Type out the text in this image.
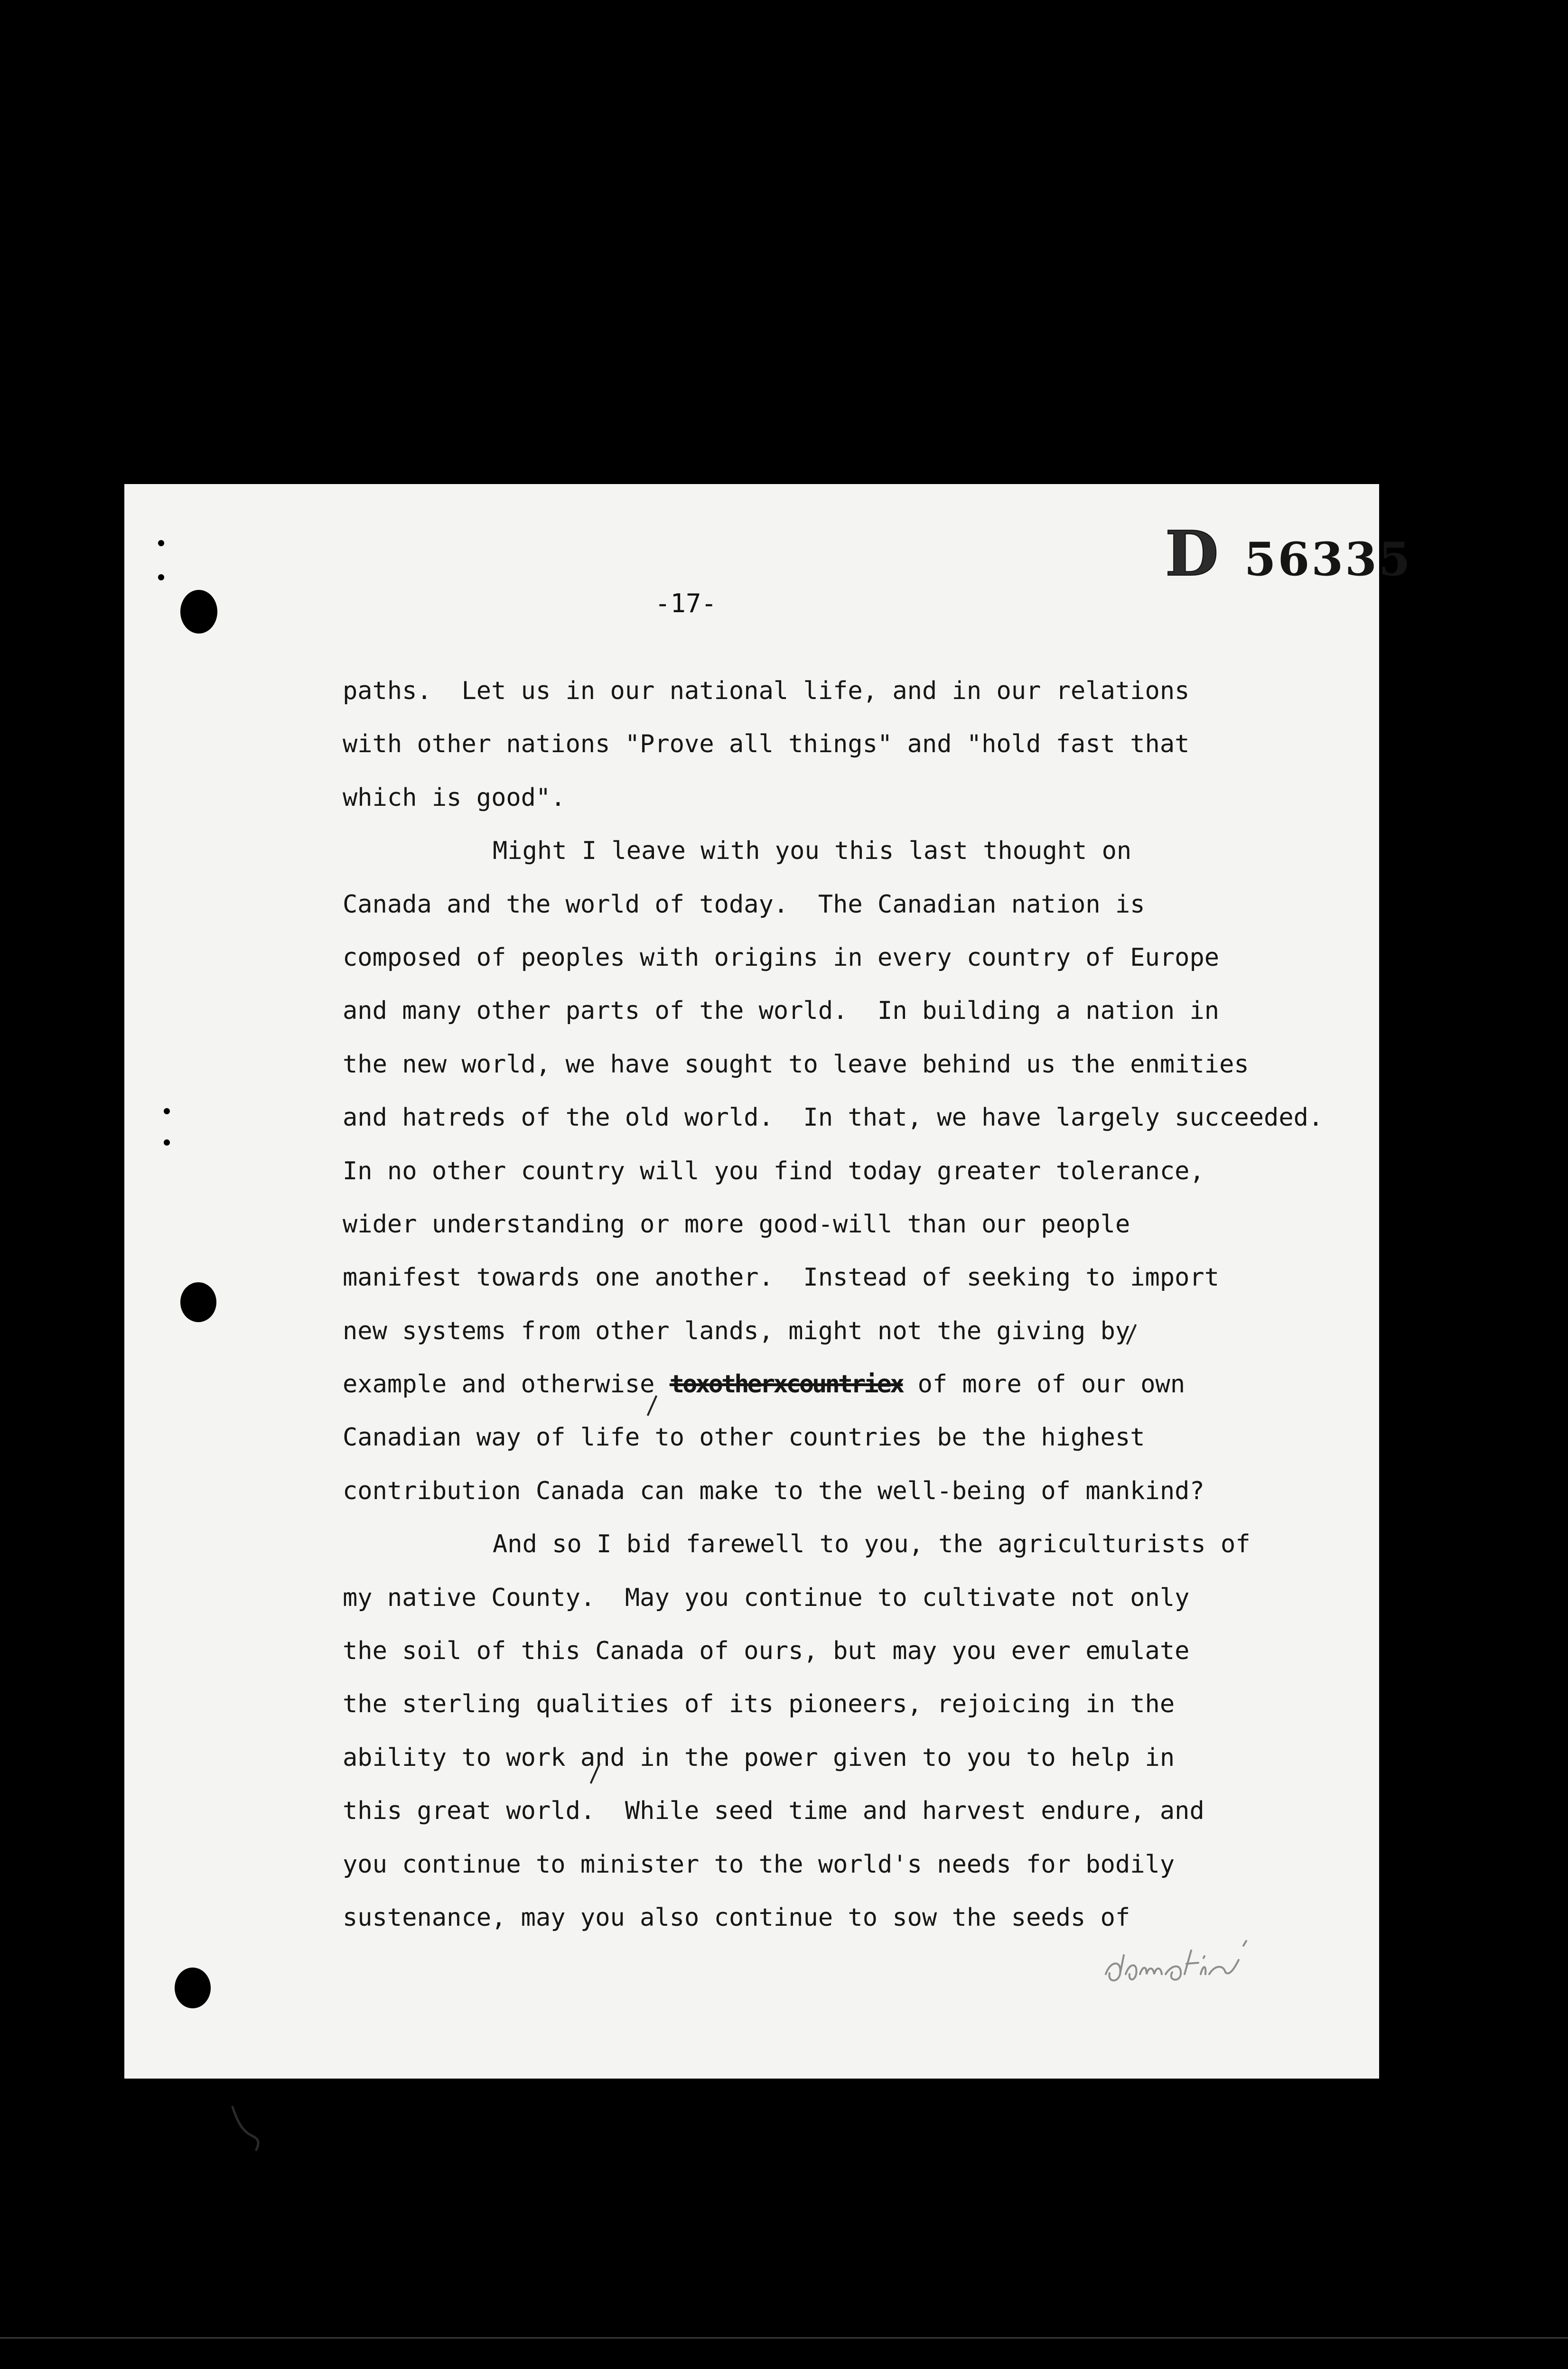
D 56335
-17-
paths.  Let us in our national life, and in our relations
with other nations "Prove all things" and "hold fast that
which is good".
Might I leave with you this last thought on
Canada and the world of today.  The Canadian nation is
composed of peoples with origins in every country of Europe
and many other parts of the world.  In building a nation in
the new world, we have sought to leave behind us the enmities
and hatreds of the old world.  In that, we have largely succeeded.
In no other country will you find today greater tolerance,
wider understanding or more good-will than our people
manifest towards one another.  Instead of seeking to import
new systems from other lands, might not the giving by
example and otherwise toxotherxcountriex of more of our own
Canadian way of life to other countries be the highest
contribution Canada can make to the well-being of mankind?
And so I bid farewell to you, the agriculturists of
my native County.  May you continue to cultivate not only
the soil of this Canada of ours, but may you ever emulate
the sterling qualities of its pioneers, rejoicing in the
ability to work and in the power given to you to help in
this great world.  While seed time and harvest endure, and
you continue to minister to the world's needs for bodily
sustenance, may you also continue to sow the seeds of
